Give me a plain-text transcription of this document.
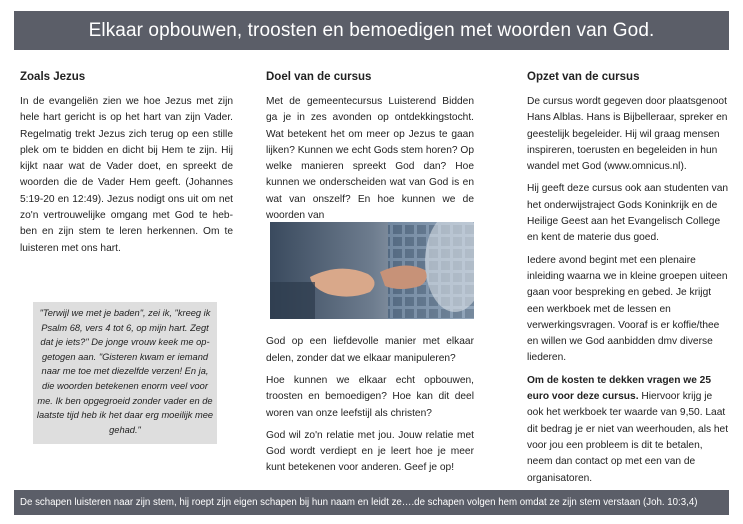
Elkaar opbouwen, troosten en bemoedigen met woorden van God.
Zoals Jezus

In de evangeliën zien we hoe Jezus met zijn hele hart gericht is op het hart van zijn Vader. Regelmatig trekt Jezus zich terug op een stille plek om te bidden en dicht bij Hem te zijn. Hij kijkt naar wat de Vader doet, en spreekt de woorden die de Vader Hem geeft. (Johannes 5:19-20 en 12:49). Jezus nodigt ons uit om net zo'n vertrouwelijke omgang met God te hebben en zijn stem te leren herkennen. Om te luisteren met ons hart.

"Terwijl we met je baden", zei ik, "kreeg ik Psalm 68, vers 4 tot 6, op mijn hart. Zegt dat je iets?" De jonge vrouw keek me opgetogen aan. "Gisteren kwam er iemand naar me toe met diezelfde verzen! En ja, die woorden betekenen enorm veel voor me. Ik ben opgegroeid zonder vader en de laatste tijd heb ik het daar erg moeilijk mee gehad."
Doel van de cursus

Met de gemeentecursus Luisterend Bidden ga je in zes avonden op ontdekkingstocht. Wat betekent het om meer op Jezus te gaan lijken? Kunnen we echt Gods stem horen? Op welke manieren spreekt God dan? Hoe kunnen we onderscheiden wat van God is en wat van onszelf? En hoe kunnen we de woorden van

God op een liefdevolle manier met elkaar delen, zonder dat we elkaar manipuleren?

Hoe kunnen we elkaar echt opbouwen, troosten en bemoedigen? Hoe kan dit deel woren van onze leefstijl als christen?

God wil zo'n relatie met jou. Jouw relatie met God wordt verdiept en je leert hoe je meer kunt betekenen voor anderen. Geef je op!

Opzet van de cursus

De cursus wordt gegeven door plaatsgenoot Hans Alblas. Hans is Bijbelleraar, spreker en geestelijk begeleider. Hij wil graag mensen inspireren, toerusten en begeleiden in hun wandel met God (www.omnicus.nl).

Hij geeft deze cursus ook aan studenten van het onderwijstraject Gods Koninkrijk en de Heilige Geest aan het Evangelisch College en kent de materie dus goed.

Iedere avond begint met een plenaire inleiding waarna we in kleine groepen uiteen gaan voor bespreking en gebed. Je krijgt een werkboek met de lessen en verwerkingsvragen. Vooraf is er koffie/thee en willen we God aanbidden dmv diverse liederen.

Om de kosten te dekken vragen we 25 euro voor deze cursus. Hiervoor krijg je ook het werkboek ter waarde van 9,50. Laat dit bedrag je er niet van weerhouden, als het voor jou een probleem is dit te betalen, neem dan contact op met een van de organisatoren.

De schapen luisteren naar zijn stem, hij roept zijn eigen schapen bij hun naam en leidt ze….de schapen volgen hem omdat ze zijn stem verstaan (Joh. 10:3,4)
